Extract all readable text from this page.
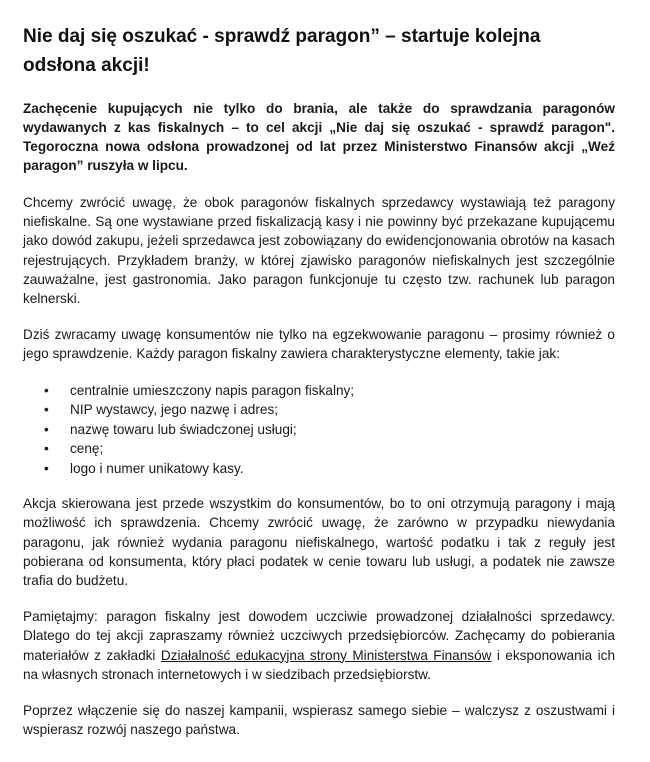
Nie daj się oszukać - sprawdź paragon” – startuje kolejna odsłona akcji!

Zachęcenie kupujących nie tylko do brania, ale także do sprawdzania paragonów wydawanych z kas fiskalnych – to cel akcji „Nie daj się oszukać - sprawdź paragon". Tegoroczna nowa odsłona prowadzonej od lat przez Ministerstwo Finansów akcji „Weź paragon” ruszyła w lipcu.

Chcemy zwrócić uwagę, że obok paragonów fiskalnych sprzedawcy wystawiają też paragony niefiskalne. Są one wystawiane przed fiskalizacją kasy i nie powinny być przekazane kupującemu jako dowód zakupu, jeżeli sprzedawca jest zobowiązany do ewidencjonowania obrotów na kasach rejestrujących. Przykładem branży, w której zjawisko paragonów niefiskalnych jest szczególnie zauważalne, jest gastronomia. Jako paragon funkcjonuje tu często tzw. rachunek lub paragon kelnerski.

Dziś zwracamy uwagę konsumentów nie tylko na egzekwowanie paragonu – prosimy również o jego sprawdzenie. Każdy paragon fiskalny zawiera charakterystyczne elementy, takie jak:

• centralnie umieszczony napis paragon fiskalny;
• NIP wystawcy, jego nazwę i adres;
• nazwę towaru lub świadczonej usługi;
• cenę;
• logo i numer unikatowy kasy.

Akcja skierowana jest przede wszystkim do konsumentów, bo to oni otrzymują paragony i mają możliwość ich sprawdzenia. Chcemy zwrócić uwagę, że zarówno w przypadku niewydania paragonu, jak również wydania paragonu niefiskalnego, wartość podatku i tak z reguły jest pobierana od konsumenta, który płaci podatek w cenie towaru lub usługi, a podatek nie zawsze trafia do budżetu.

Pamiętajmy: paragon fiskalny jest dowodem uczciwie prowadzonej działalności sprzedawcy. Dlatego do tej akcji zapraszamy również uczciwych przedsiębiorców. Zachęcamy do pobierania materiałów z zakładki Działalność edukacyjna strony Ministerstwa Finansów i eksponowania ich na własnych stronach internetowych i w siedzibach przedsiębiorstw.

Poprzez włączenie się do naszej kampanii, wspierasz samego siebie – walczysz z oszustwami i wspierasz rozwój naszego państwa.
